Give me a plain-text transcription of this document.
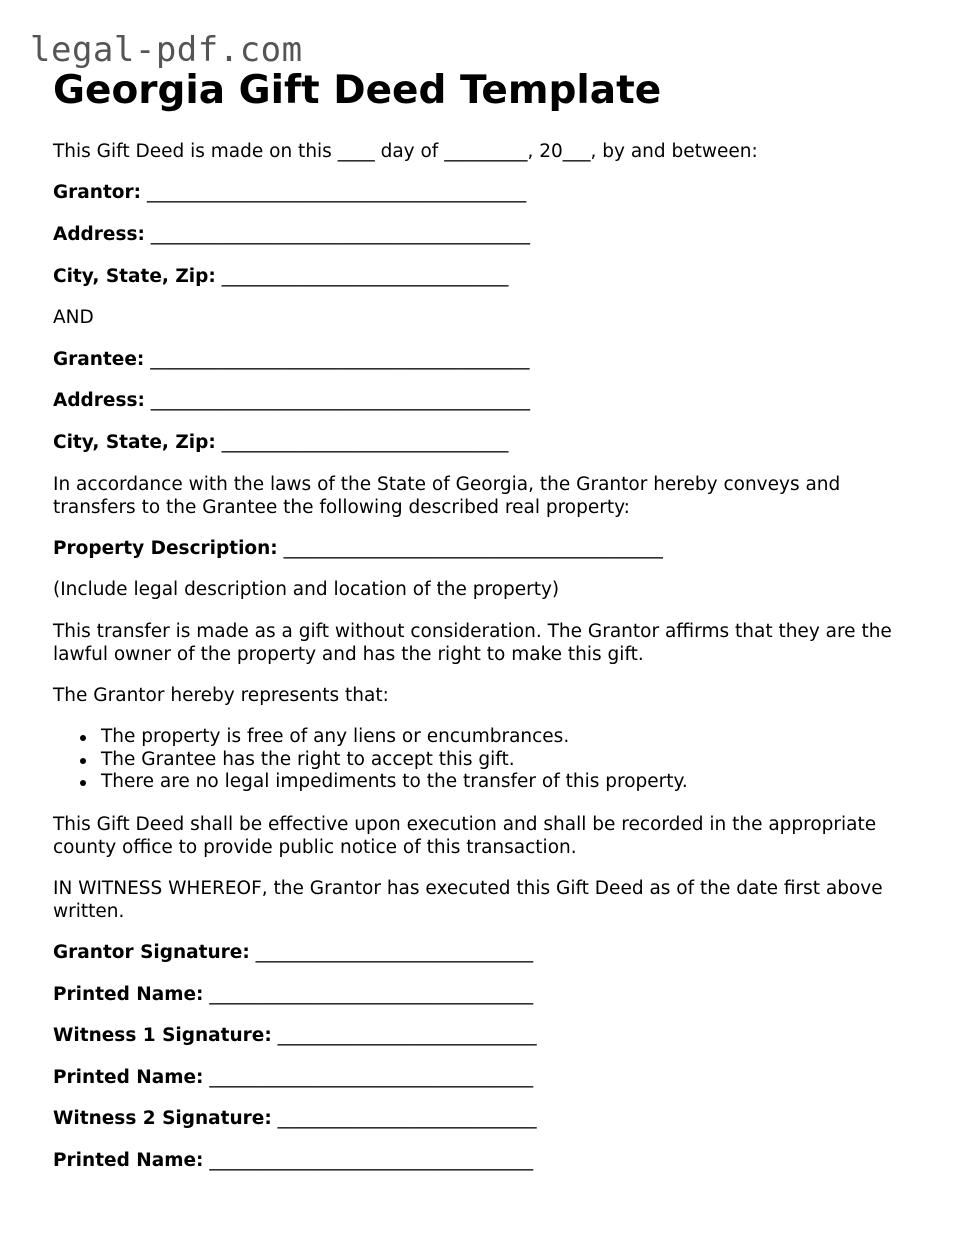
legal-pdf.com
Georgia Gift Deed Template
This Gift Deed is made on this ____ day of _________, 20___, by and between:
Grantor: _________________________________________
Address: _________________________________________
City, State, Zip: _______________________________
AND
Grantee: _________________________________________
Address: _________________________________________
City, State, Zip: _______________________________
In accordance with the laws of the State of Georgia, the Grantor hereby conveys and
transfers to the Grantee the following described real property:
Property Description: _________________________________________
(Include legal description and location of the property)
This transfer is made as a gift without consideration. The Grantor affirms that they are the
lawful owner of the property and has the right to make this gift.
The Grantor hereby represents that:
The property is free of any liens or encumbrances.
The Grantee has the right to accept this gift.
There are no legal impediments to the transfer of this property.
This Gift Deed shall be effective upon execution and shall be recorded in the appropriate
county office to provide public notice of this transaction.
IN WITNESS WHEREOF, the Grantor has executed this Gift Deed as of the date first above
written.
Grantor Signature: ______________________________
Printed Name: ___________________________________
Witness 1 Signature: ____________________________
Printed Name: ___________________________________
Witness 2 Signature: ____________________________
Printed Name: ___________________________________
